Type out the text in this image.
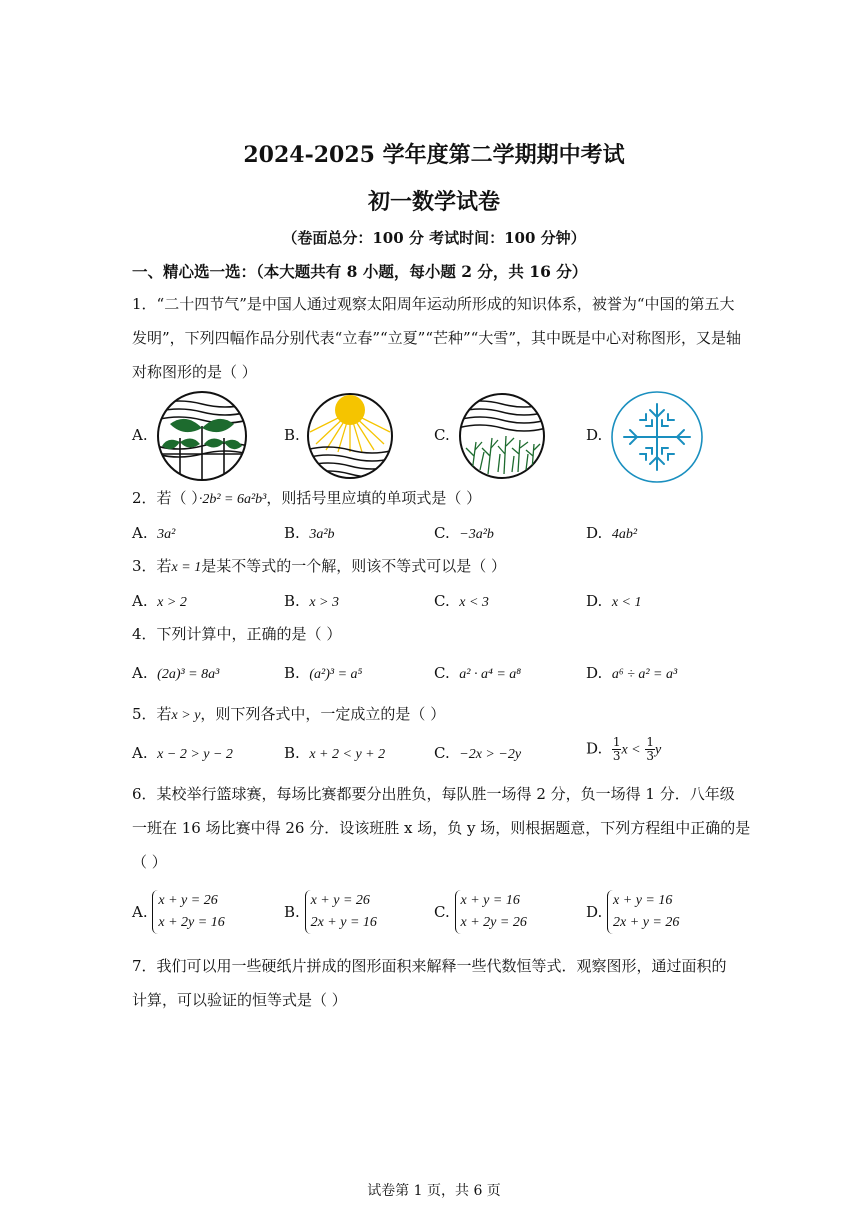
2024-2025 学年度第二学期期中考试
初一数学试卷
（卷面总分：100 分 考试时间：100 分钟）
一、精心选一选：（本大题共有 8 小题，每小题 2 分，共 16 分）
1．“二十四节气”是中国人通过观察太阳周年运动所形成的知识体系，被誉为“中国的第五大
发明”，下列四幅作品分别代表“立春”“立夏”“芒种”“大雪”，其中既是中心对称图形，又是轴
对称图形的是（ ）
A.	B.	C.	D.
2．若（ ）·2b² = 6a²b³，则括号里应填的单项式是（ ）
A. 3a²	B. 3a²b	C. −3a²b	D. 4ab²
3．若x = 1是某不等式的一个解，则该不等式可以是（ ）
A. x > 2	B. x > 3	C. x < 3	D. x < 1
4．下列计算中，正确的是（ ）
A. (2a)³ = 8a³	B. (a²)³ = a⁵	C. a² · a⁴ = a⁸	D. a⁶ ÷ a² = a³
5．若x > y，则下列各式中，一定成立的是（ ）
A. x − 2 > y − 2	B. x + 2 < y + 2	C. −2x > −2y	D. $\frac{1}{3}$ $x < \frac{1}{3}$ y
6．某校举行篮球赛，每场比赛都要分出胜负，每队胜一场得 2 分，负一场得 1 分．八年级
一班在 16 场比赛中得 26 分．设该班胜 x 场，负 y 场，则根据题意，下列方程组中正确的是
（ ）
A.
x + y = 26
x + 2y = 16
B.
x + y = 26
2x + y = 16
C.
x + y = 16
x + 2y = 26
D.
x + y = 16
2x + y = 26
7．我们可以用一些硬纸片拼成的图形面积来解释一些代数恒等式．观察图形，通过面积的
计算，可以验证的恒等式是（ ）
试卷第 1 页，共 6 页
